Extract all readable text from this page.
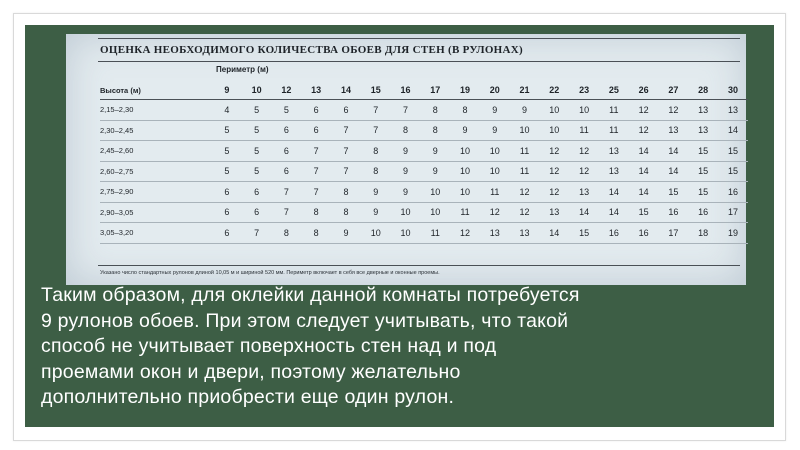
ОЦЕНКА НЕОБХОДИМОГО КОЛИЧЕСТВА ОБОЕВ ДЛЯ СТЕН (В РУЛОНАХ)
Периметр (м)
Высота (м)	9	10	12	13	14	15	16	17	19	20	21	22	23	25	26	27	28	30
2,15–2,30	4	5	5	6	6	7	7	8	8	9	9	10	10	11	12	12	13	13
2,30–2,45	5	5	6	6	7	7	8	8	9	9	10	10	11	11	12	13	13	14
2,45–2,60	5	5	6	7	7	8	9	9	10	10	11	12	12	13	14	14	15	15
2,60–2,75	5	5	6	7	7	8	9	9	10	10	11	12	12	13	14	14	15	15
2,75–2,90	6	6	7	7	8	9	9	10	10	11	12	12	13	14	14	15	15	16
2,90–3,05	6	6	7	8	8	9	10	10	11	12	12	13	14	14	15	16	16	17
3,05–3,20	6	7	8	8	9	10	10	11	12	13	13	14	15	16	16	17	18	19
Указано число стандартных рулонов длиной 10,05 м и шириной 520 мм. Периметр включает в себя все дверные и оконные проемы.
Таким образом, для оклейки данной комнаты потребуется
9 рулонов обоев. При этом следует учитывать, что такой
способ не учитывает поверхность стен над и под
проемами окон и двери, поэтому желательно
дополнительно приобрести еще один рулон.
